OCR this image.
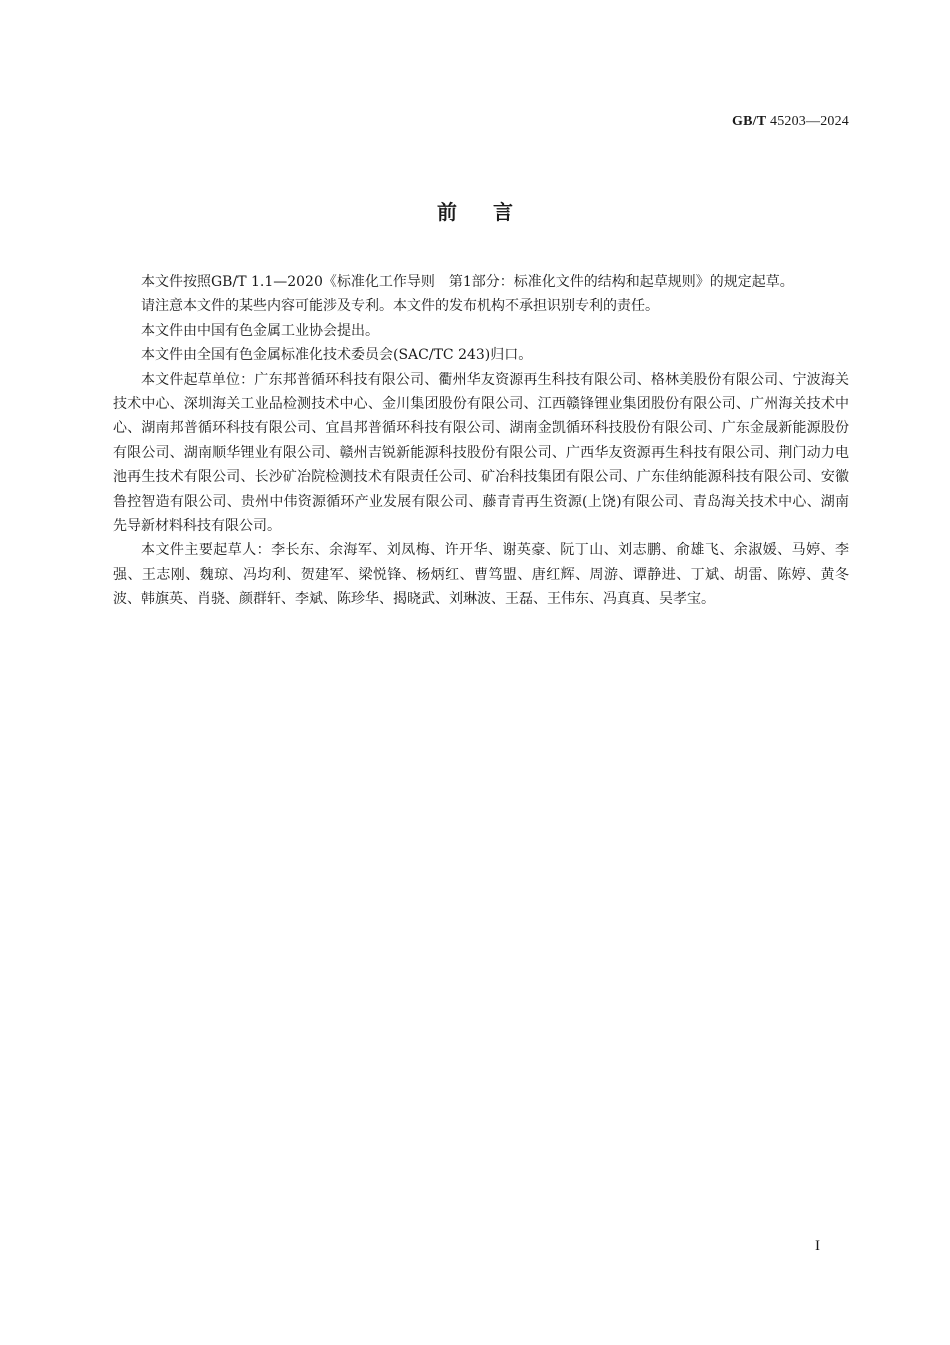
GB/T 45203—2024
前言

本文件按照GB/T 1.1—2020《标准化工作导则　第1部分：标准化文件的结构和起草规则》的规定起草。

请注意本文件的某些内容可能涉及专利。本文件的发布机构不承担识别专利的责任。

本文件由中国有色金属工业协会提出。

本文件由全国有色金属标准化技术委员会(SAC/TC 243)归口。

本文件起草单位：广东邦普循环科技有限公司、衢州华友资源再生科技有限公司、格林美股份有限公司、宁波海关技术中心、深圳海关工业品检测技术中心、金川集团股份有限公司、江西赣锋锂业集团股份有限公司、广州海关技术中心、湖南邦普循环科技有限公司、宜昌邦普循环科技有限公司、湖南金凯循环科技股份有限公司、广东金晟新能源股份有限公司、湖南顺华锂业有限公司、赣州吉锐新能源科技股份有限公司、广西华友资源再生科技有限公司、荆门动力电池再生技术有限公司、长沙矿冶院检测技术有限责任公司、矿冶科技集团有限公司、广东佳纳能源科技有限公司、安徽鲁控智造有限公司、贵州中伟资源循环产业发展有限公司、藤青青再生资源(上饶)有限公司、青岛海关技术中心、湖南先导新材料科技有限公司。

本文件主要起草人：李长东、余海军、刘凤梅、许开华、谢英豪、阮丁山、刘志鹏、俞雄飞、余淑媛、马婷、李强、王志刚、魏琼、冯均利、贺建军、梁悦锋、杨炳红、曹笃盟、唐红辉、周游、谭静进、丁斌、胡雷、陈婷、黄冬波、韩旗英、肖骁、颜群轩、李斌、陈珍华、揭晓武、刘琳波、王磊、王伟东、冯真真、吴孝宝。

I
